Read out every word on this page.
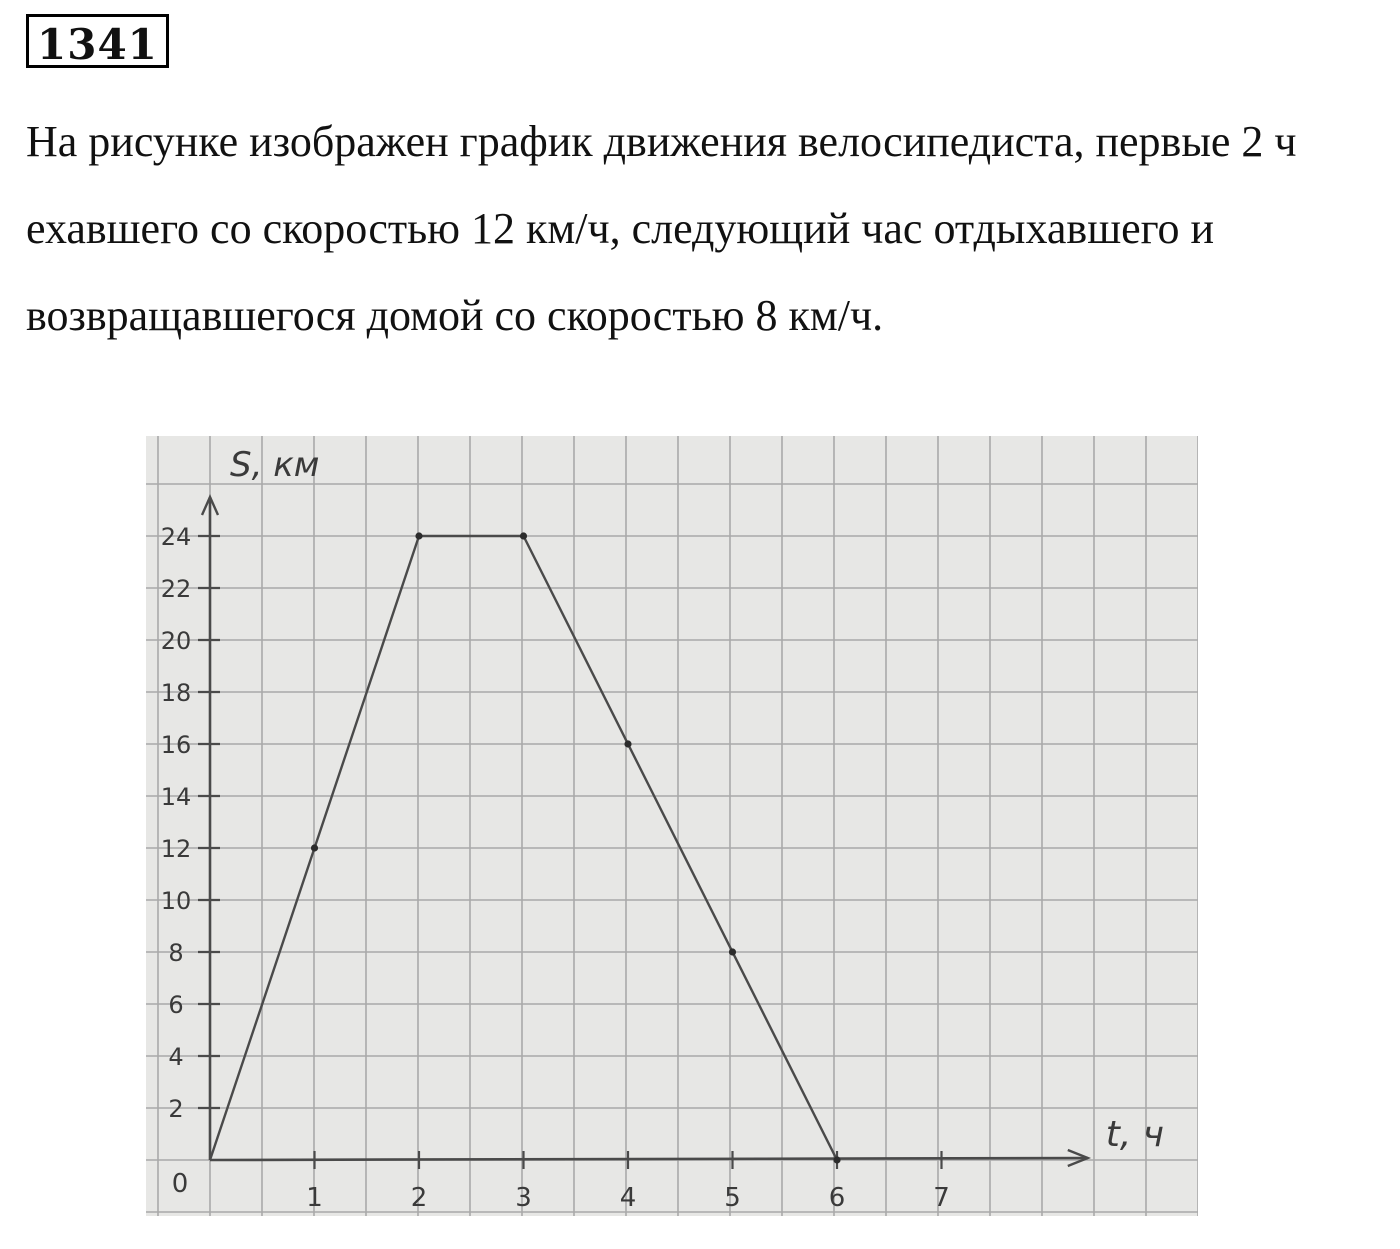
1341

На рисунке изображен график движения велосипедиста, первые 2 ч ехавшего со скоростью 12 км/ч, следующий час отдыхавшего и возвращавшегося домой со скоростью 8 км/ч.

1	2	3	4	5	6	7
2
4
6
8
10
12
14
16
18
20
22
24
0
S, км
t, ч
